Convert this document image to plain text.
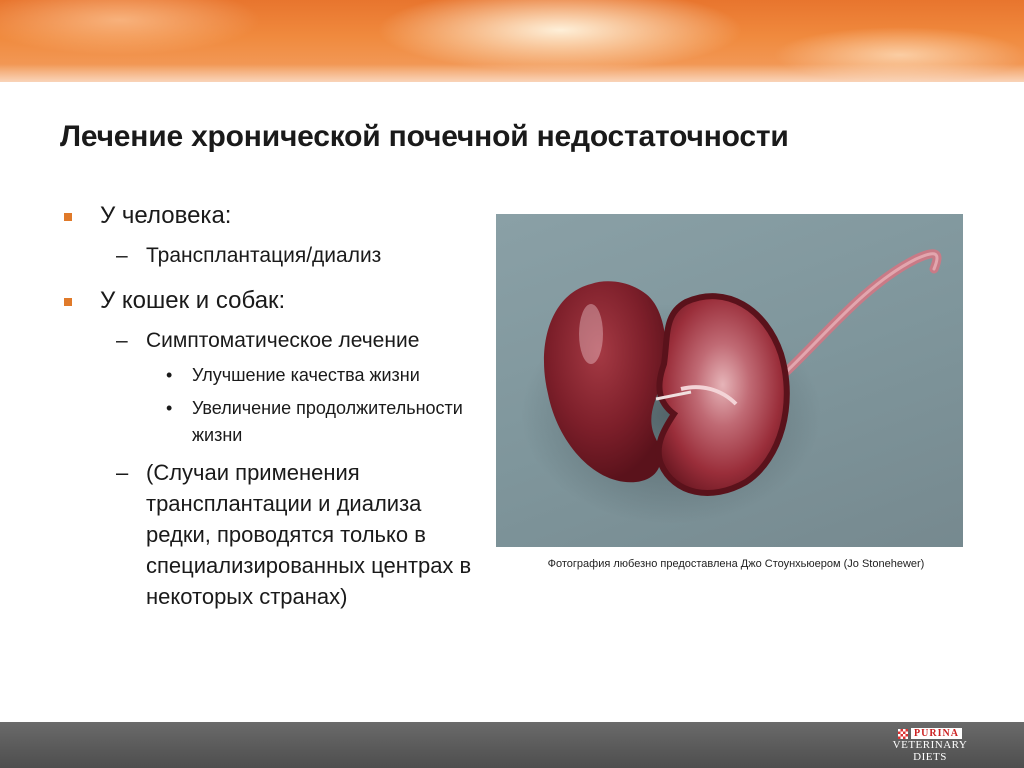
Лечение хронической почечной недостаточности
У человека:
– Трансплантация/диализ
У кошек и собак:
– Симптоматическое лечение
• Улучшение качества жизни
• Увеличение продолжительности жизни
– (Случаи применения трансплантации и диализа редки, проводятся только в специализированных центрах в некоторых странах)
Фотография любезно предоставлена Джо Стоунхьюером (Jo Stonehewer)
PURINA
VETERINARY
DIETS
